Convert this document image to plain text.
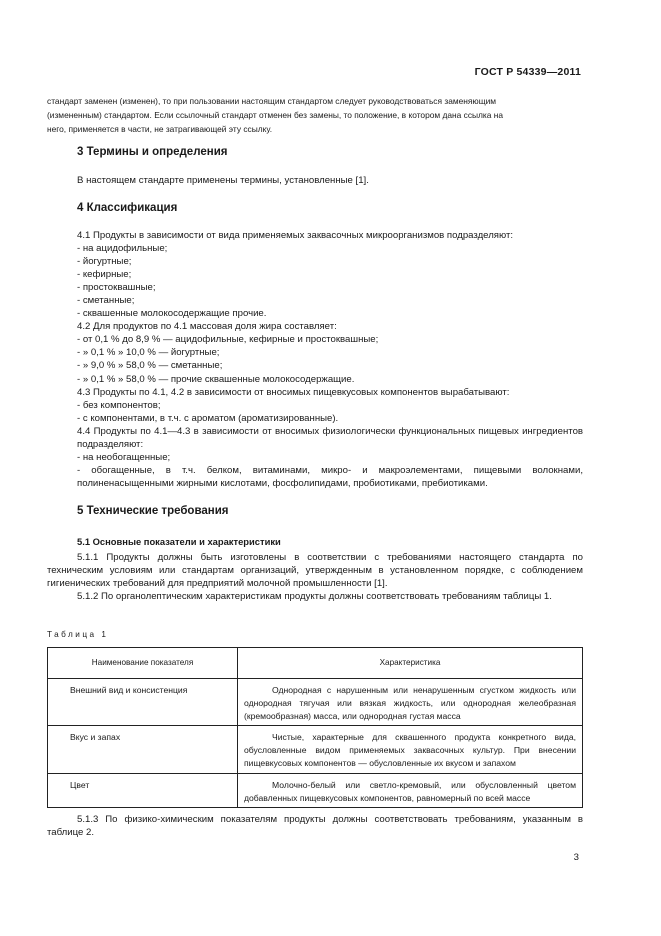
ГОСТ Р 54339—2011
стандарт заменен (изменен), то при пользовании настоящим стандартом следует руководствоваться заменяющим
(измененным) стандартом. Если ссылочный стандарт отменен без замены, то положение, в котором дана ссылка на
него, применяется в части, не затрагивающей эту ссылку.
3 Термины и определения
В настоящем стандарте применены термины, установленные [1].
4 Классификация
4.1 Продукты в зависимости от вида применяемых заквасочных микроорганизмов подразделяют:
- на ацидофильные;
- йогуртные;
- кефирные;
- простоквашные;
- сметанные;
- сквашенные молокосодержащие прочие.
4.2 Для продуктов по 4.1 массовая доля жира составляет:
- от 0,1 % до 8,9 % — ацидофильные, кефирные и простоквашные;
- » 0,1 % » 10,0 % — йогуртные;
- » 9,0 % » 58,0 % — сметанные;
- » 0,1 % » 58,0 % — прочие сквашенные молокосодержащие.
4.3 Продукты по 4.1, 4.2 в зависимости от вносимых пищевкусовых компонентов вырабатывают:
- без компонентов;
- с компонентами, в т.ч. с ароматом (ароматизированные).
4.4 Продукты по 4.1—4.3 в зависимости от вносимых физиологически функциональных пищевых ингредиентов подразделяют:
- на необогащенные;
- обогащенные, в т.ч. белком, витаминами, микро- и макроэлементами, пищевыми волокнами, полиненасыщенными жирными кислотами, фосфолипидами, пробиотиками, пребиотиками.
5 Технические требования
5.1 Основные показатели и характеристики
5.1.1 Продукты должны быть изготовлены в соответствии с требованиями настоящего стандарта по техническим условиям или стандартам организаций, утвержденным в установленном порядке, с соблюдением гигиенических требований для предприятий молочной промышленности [1].
5.1.2 По органолептическим характеристикам продукты должны соответствовать требованиям таблицы 1.
Таблица 1
Наименование показателя	Характеристика
Внешний вид и консистенция	Однородная с нарушенным или ненарушенным сгустком жидкость или однородная тягучая или вязкая жидкость, или однородная желеобразная (кремообразная) масса, или однородная густая масса
Вкус и запах	Чистые, характерные для сквашенного продукта конкретного вида, обусловленные видом применяемых заквасочных культур. При внесении пищевкусовых компонентов — обусловленные их вкусом и запахом
Цвет	Молочно-белый или светло-кремовый, или обусловленный цветом добавленных пищевкусовых компонентов, равномерный по всей массе
5.1.3 По физико-химическим показателям продукты должны соответствовать требованиям, указанным в таблице 2.
3
